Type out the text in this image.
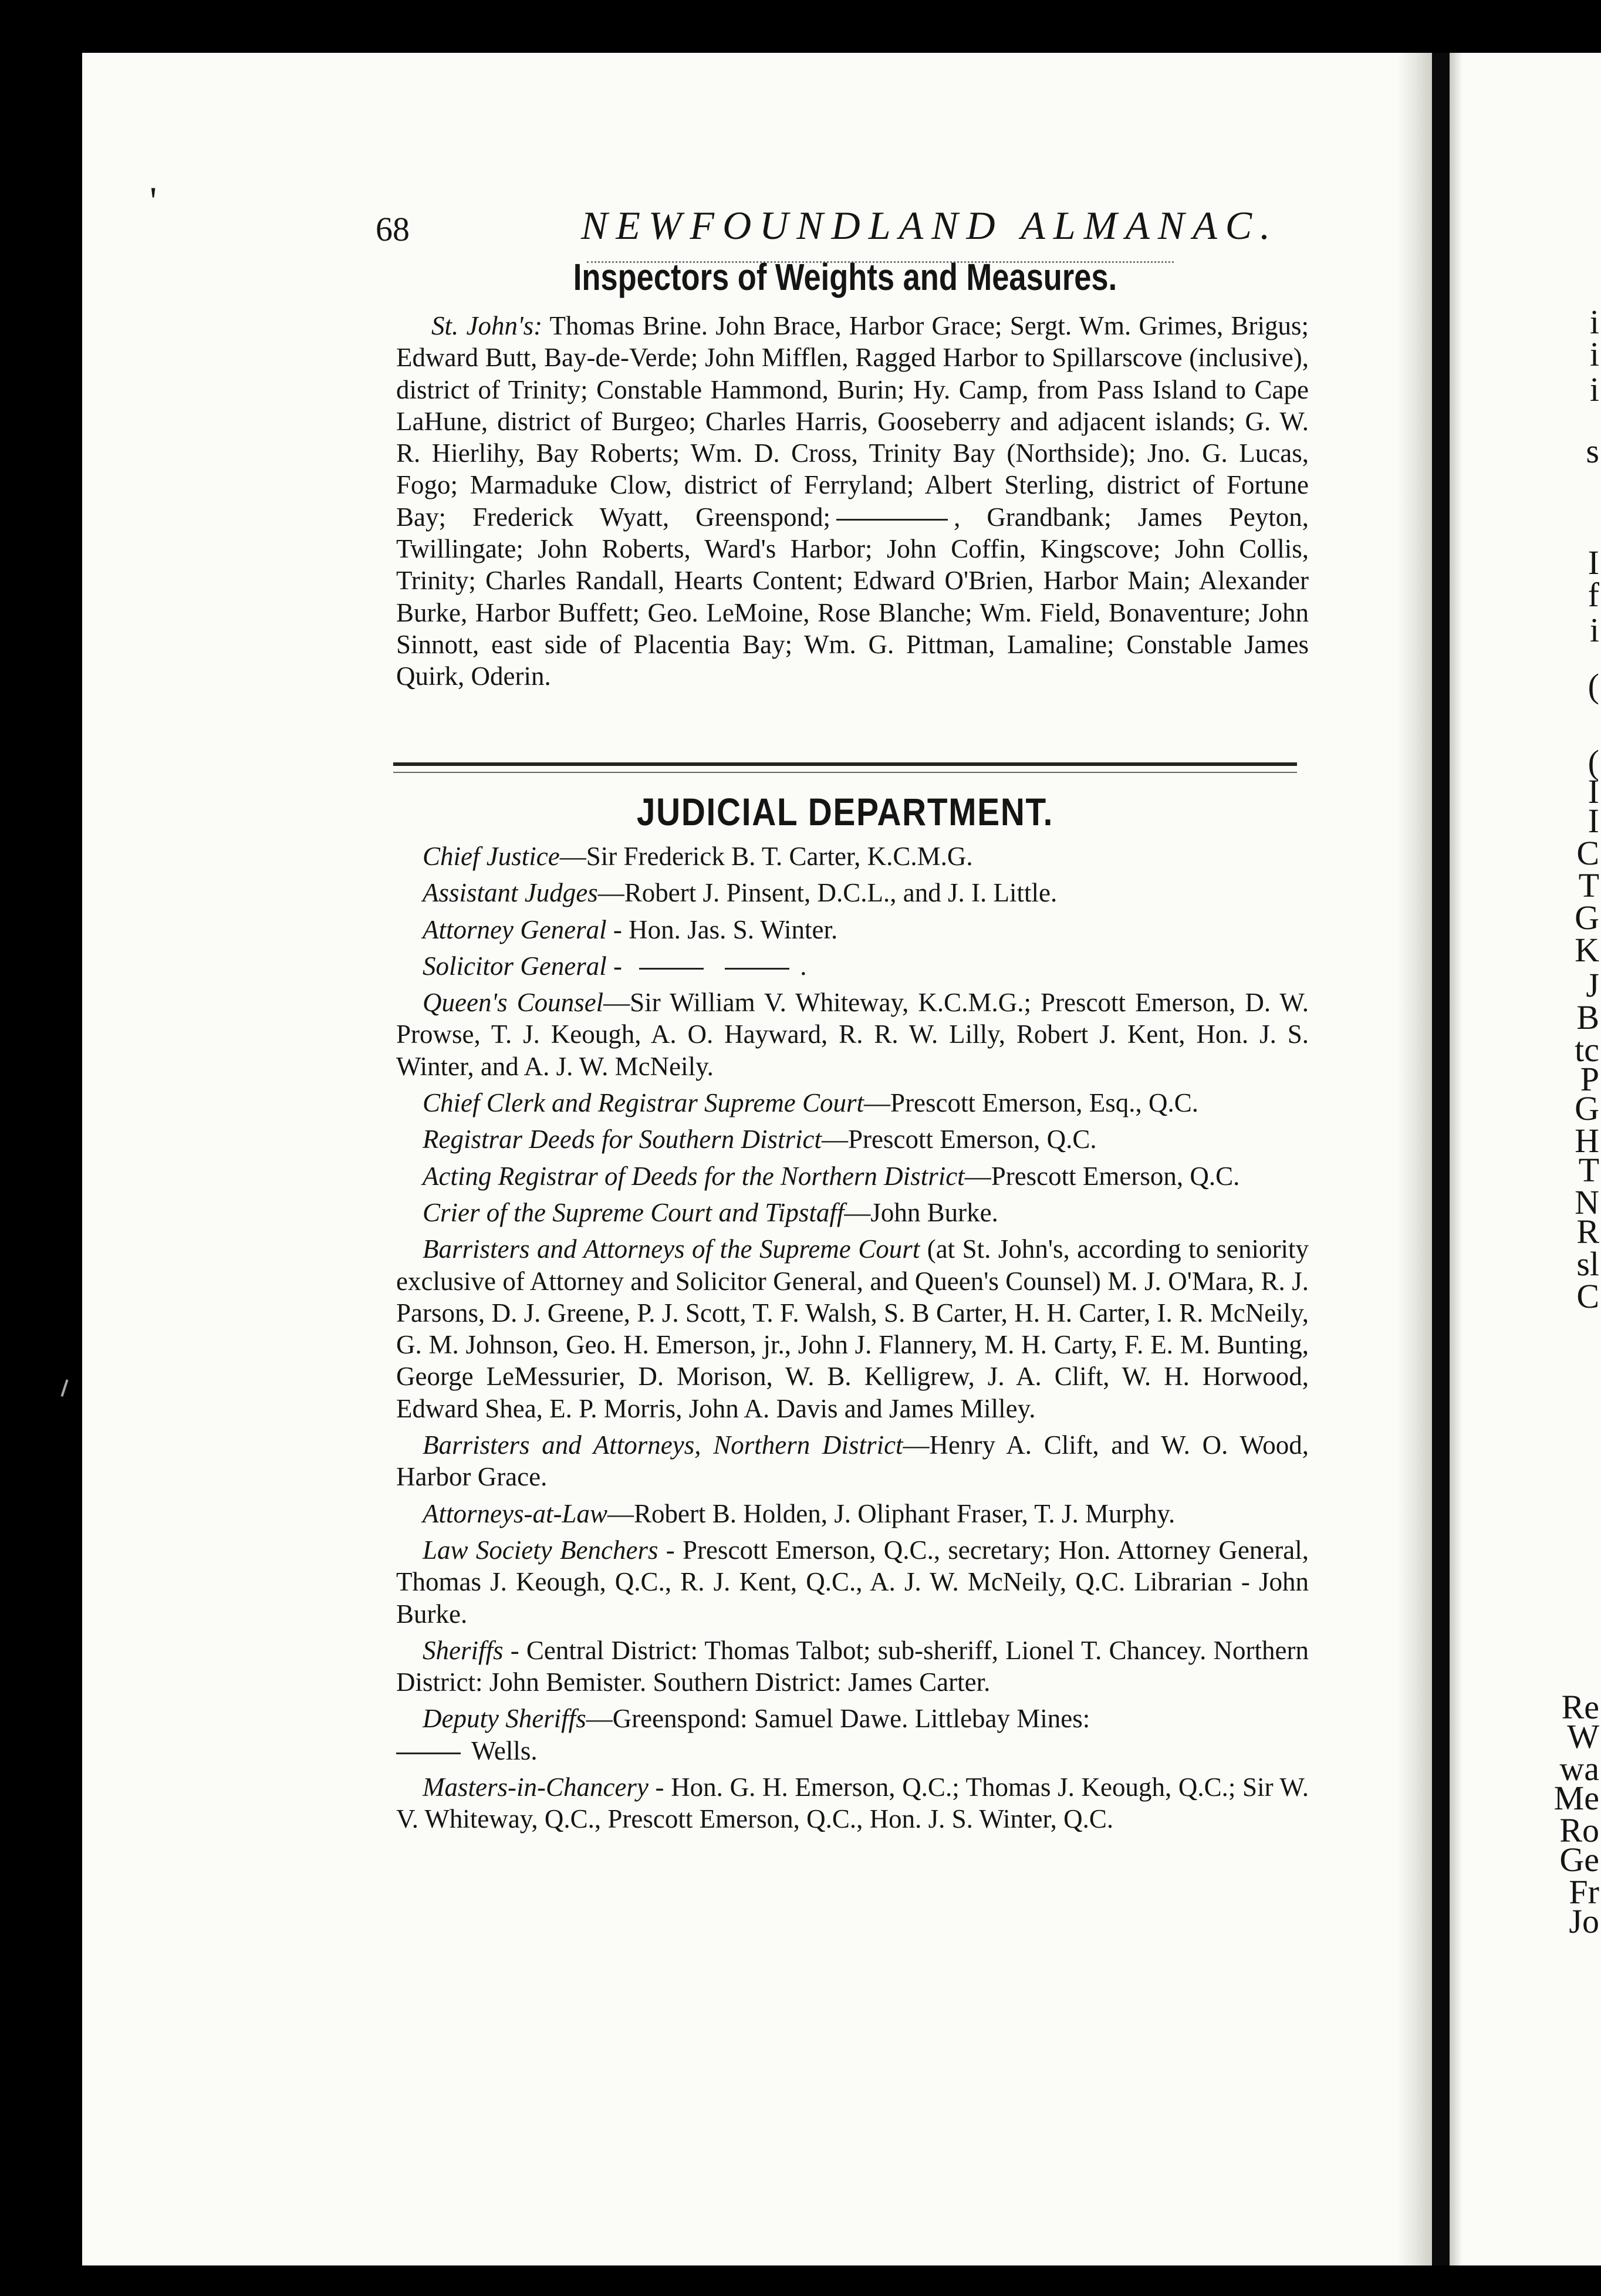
'
68	NEWFOUNDLAND ALMANAC.
Inspectors of Weights and Measures.

St. John's: Thomas Brine. John Brace, Harbor Grace; Sergt. Wm. Grimes, Brigus; Edward Butt, Bay-de-Verde; John Mifflen, Ragged Harbor to Spillarscove (inclusive), district of Trinity; Constable Hammond, Burin; Hy. Camp, from Pass Island to Cape LaHune, district of Burgeo; Charles Harris, Gooseberry and adjacent islands; G. W. R. Hierlihy, Bay Roberts; Wm. D. Cross, Trinity Bay (Northside); Jno. G. Lucas, Fogo; Marmaduke Clow, district of Ferryland; Albert Sterling, district of Fortune Bay; Frederick Wyatt, Greenspond;	, Grandbank; James Peyton, Twillingate; John Roberts, Ward's Harbor; John Coffin, Kingscove; John Collis, Trinity; Charles Randall, Hearts Content; Edward O'Brien, Harbor Main; Alexander Burke, Harbor Buffett; Geo. LeMoine, Rose Blanche; Wm. Field, Bonaventure; John Sinnott, east side of Placentia Bay; Wm. G. Pittman, Lamaline; Constable James Quirk, Oderin.

JUDICIAL DEPARTMENT.

Chief Justice—Sir Frederick B. T. Carter, K.C.M.G.

Assistant Judges—Robert J. Pinsent, D.C.L., and J. I. Little.

Attorney General - Hon. Jas. S. Winter.

Solicitor General -	.

Queen's Counsel—Sir William V. Whiteway, K.C.M.G.; Prescott Emerson, D. W. Prowse, T. J. Keough, A. O. Hayward, R. R. W. Lilly, Robert J. Kent, Hon. J. S. Winter, and A. J. W. McNeily.

Chief Clerk and Registrar Supreme Court—Prescott Emerson, Esq., Q.C.

Registrar Deeds for Southern District—Prescott Emerson, Q.C.

Acting Registrar of Deeds for the Northern District—Prescott Emerson, Q.C.

Crier of the Supreme Court and Tipstaff—John Burke.

Barristers and Attorneys of the Supreme Court (at St. John's, according to seniority exclusive of Attorney and Solicitor General, and Queen's Counsel) M. J. O'Mara, R. J. Parsons, D. J. Greene, P. J. Scott, T. F. Walsh, S. B Carter, H. H. Carter, I. R. McNeily, G. M. Johnson, Geo. H. Emerson, jr., John J. Flannery, M. H. Carty, F. E. M. Bunting, George LeMessurier, D. Morison, W. B. Kelligrew, J. A. Clift, W. H. Horwood, Edward Shea, E. P. Morris, John A. Davis and James Milley.

Barristers and Attorneys, Northern District—Henry A. Clift, and W. O. Wood, Harbor Grace.

Attorneys-at-Law—Robert B. Holden, J. Oliphant Fraser, T. J. Murphy.

Law Society Benchers - Prescott Emerson, Q.C., secretary; Hon. Attorney General, Thomas J. Keough, Q.C., R. J. Kent, Q.C., A. J. W. McNeily, Q.C. Librarian - John Burke.

Sheriffs - Central District: Thomas Talbot; sub-sheriff, Lionel T. Chancey. Northern District: John Bemister. Southern District: James Carter.

Deputy Sheriffs—Greenspond: Samuel Dawe. Littlebay Mines:
Wells.

Masters-in-Chancery - Hon. G. H. Emerson, Q.C.; Thomas J. Keough, Q.C.; Sir W. V. Whiteway, Q.C., Prescott Emerson, Q.C., Hon. J. S. Winter, Q.C.

i
i
i
s
I
f
i
(
(
I
I
C
T
G
K
J
B
tc
P
G
H
T
N
R
sl
C
Re
W
wa
Me
Ro
Ge
Fr
Jo
